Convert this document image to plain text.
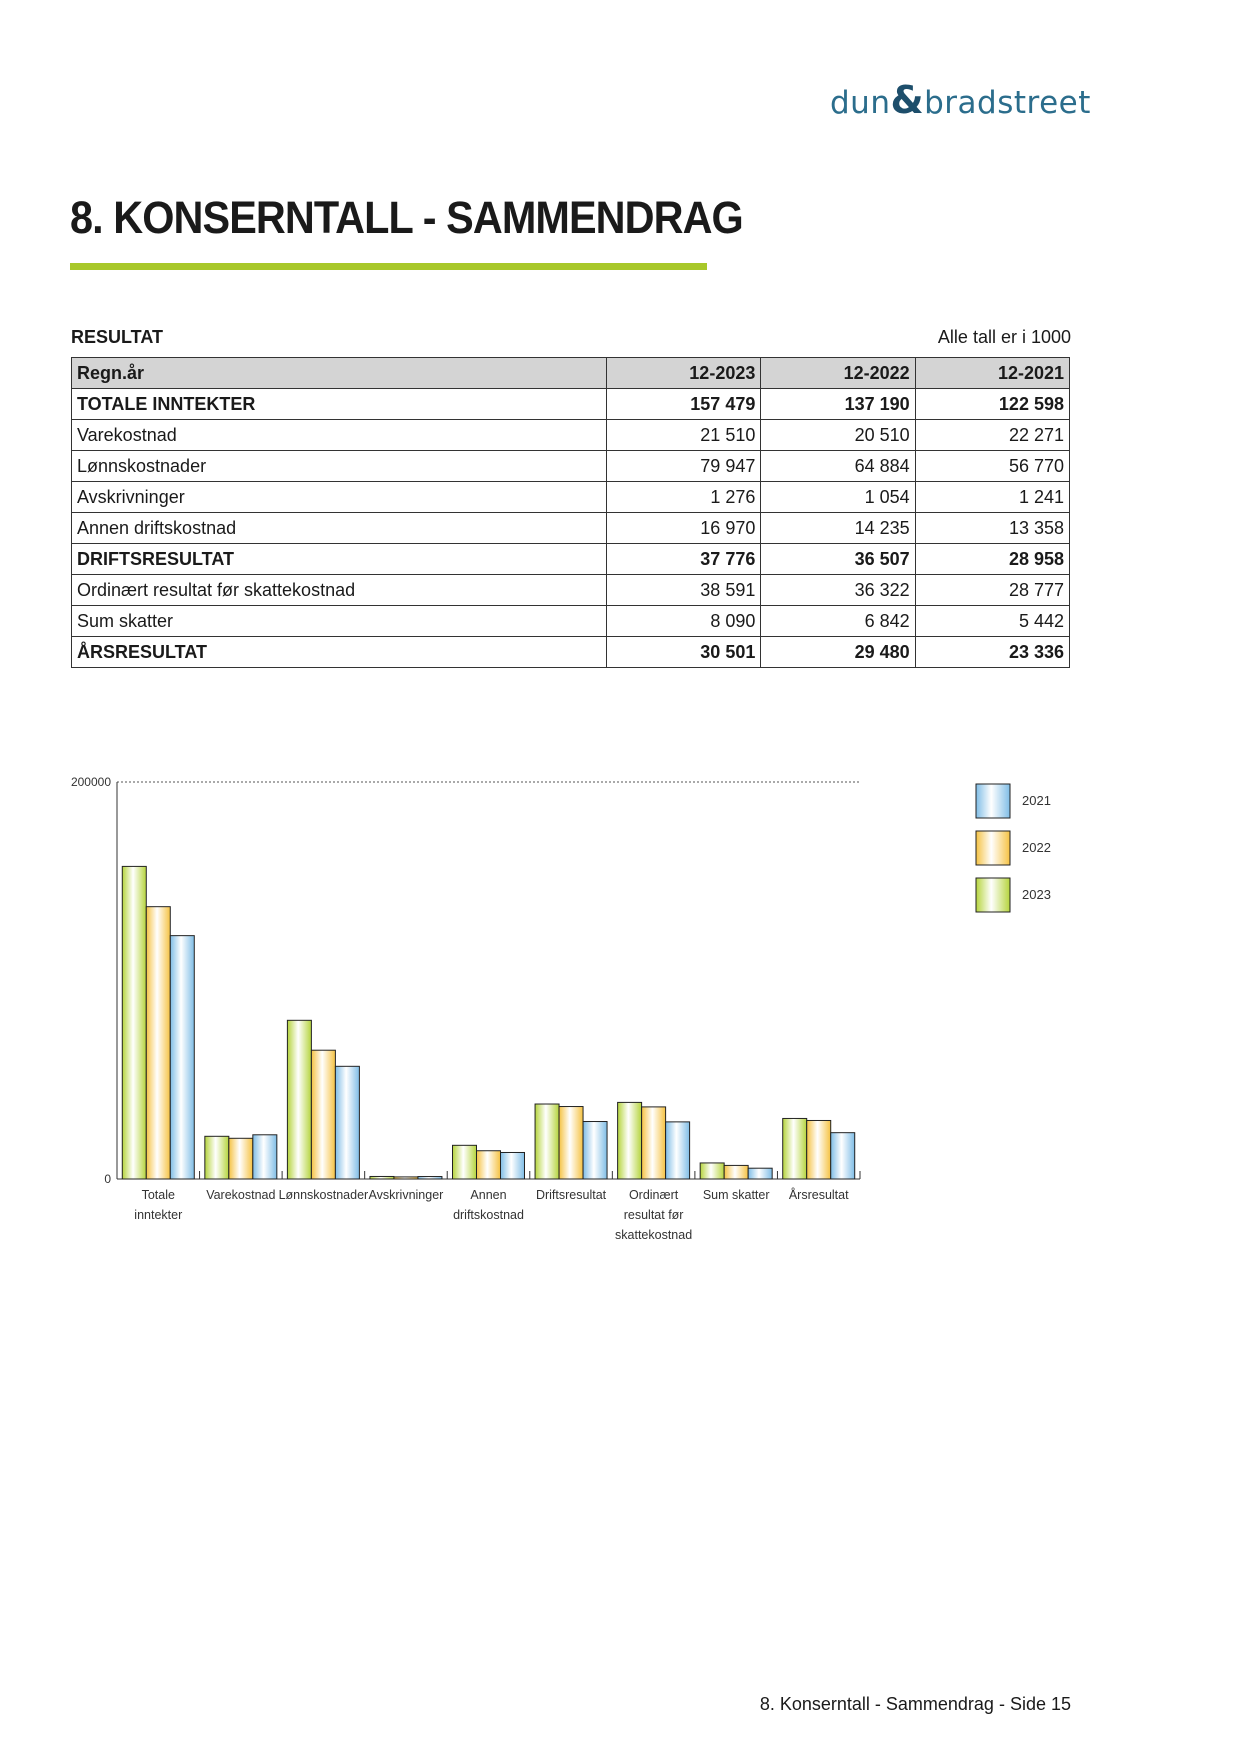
dun&bradstreet
8. KONSERNTALL - SAMMENDRAG
RESULTAT	Alle tall er i 1000
Regn.år	12-2023	12-2022	12-2021
TOTALE INNTEKTER	157 479	137 190	122 598
Varekostnad	21 510	20 510	22 271
Lønnskostnader	79 947	64 884	56 770
Avskrivninger	1 276	1 054	1 241
Annen driftskostnad	16 970	14 235	13 358
DRIFTSRESULTAT	37 776	36 507	28 958
Ordinært resultat før skattekostnad	38 591	36 322	28 777
Sum skatter	8 090	6 842	5 442
ÅRSRESULTAT	30 501	29 480	23 336
0
200000
Totale
inntekter
Varekostnad Lønnskostnader Avskrivninger Annen
driftskostnad
Driftsresultat Ordinært
resultat før
skattekostnad
Sum skatter Årsresultat
2021
2022
2023
8. Konserntall - Sammendrag - Side 15
